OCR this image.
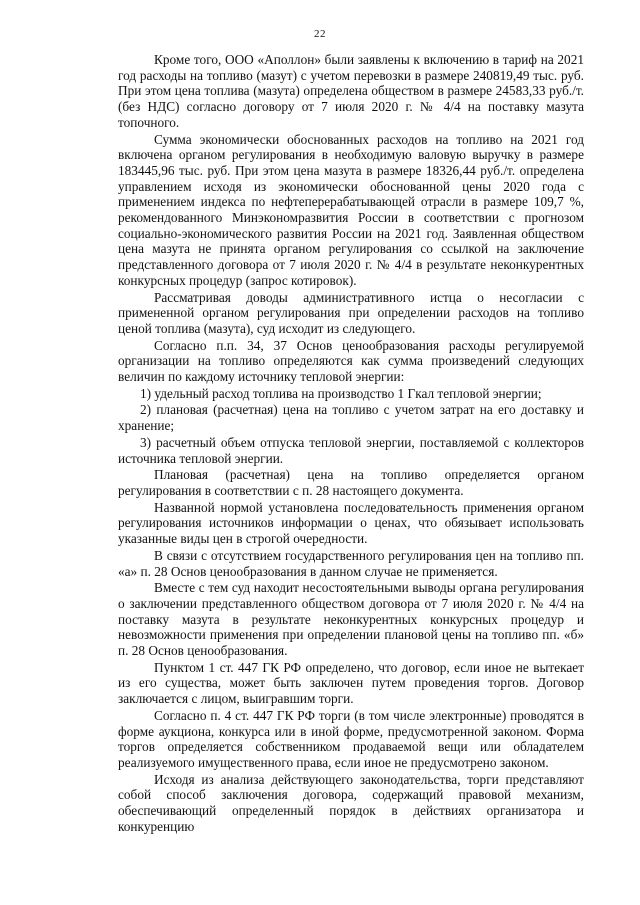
22

Кроме того, ООО «Аполлон» были заявлены к включению в тариф на 2021 год расходы на топливо (мазут) с учетом перевозки в размере 240819,49 тыс. руб. При этом цена топлива (мазута) определена обществом в размере 24583,33 руб./т. (без НДС) согласно договору от 7 июля 2020 г. № 4/4 на поставку мазута топочного.

Сумма экономически обоснованных расходов на топливо на 2021 год включена органом регулирования в необходимую валовую выручку в размере 183445,96 тыс. руб. При этом цена мазута в размере 18326,44 руб./т. определена управлением исходя из экономически обоснованной цены 2020 года с применением индекса по нефтеперерабатывающей отрасли в размере 109,7 %, рекомендованного Минэкономразвития России в соответствии с прогнозом социально-экономического развития России на 2021 год. Заявленная обществом цена мазута не принята органом регулирования со ссылкой на заключение представленного договора от 7 июля 2020 г. № 4/4 в результате неконкурентных конкурсных процедур (запрос котировок).

Рассматривая доводы административного истца о несогласии с примененной органом регулирования при определении расходов на топливо ценой топлива (мазута), суд исходит из следующего.

Согласно п.п. 34, 37 Основ ценообразования расходы регулируемой организации на топливо определяются как сумма произведений следующих величин по каждому источнику тепловой энергии:

1) удельный расход топлива на производство 1 Гкал тепловой энергии;

2) плановая (расчетная) цена на топливо с учетом затрат на его доставку и хранение;

3) расчетный объем отпуска тепловой энергии, поставляемой с коллекторов источника тепловой энергии.

Плановая (расчетная) цена на топливо определяется органом регулирования в соответствии с п. 28 настоящего документа.

Названной нормой установлена последовательность применения органом регулирования источников информации о ценах, что обязывает использовать указанные виды цен в строгой очередности.

В связи с отсутствием государственного регулирования цен на топливо пп. «а» п. 28 Основ ценообразования в данном случае не применяется.

Вместе с тем суд находит несостоятельными выводы органа регулирования о заключении представленного обществом договора от 7 июля 2020 г. № 4/4 на поставку мазута в результате неконкурентных конкурсных процедур и невозможности применения при определении плановой цены на топливо пп. «б» п. 28 Основ ценообразования.

Пунктом 1 ст. 447 ГК РФ определено, что договор, если иное не вытекает из его существа, может быть заключен путем проведения торгов. Договор заключается с лицом, выигравшим торги.

Согласно п. 4 ст. 447 ГК РФ торги (в том числе электронные) проводятся в форме аукциона, конкурса или в иной форме, предусмотренной законом. Форма торгов определяется собственником продаваемой вещи или обладателем реализуемого имущественного права, если иное не предусмотрено законом.

Исходя из анализа действующего законодательства, торги представляют собой способ заключения договора, содержащий правовой механизм, обеспечивающий определенный порядок в действиях организатора и конкуренцию
